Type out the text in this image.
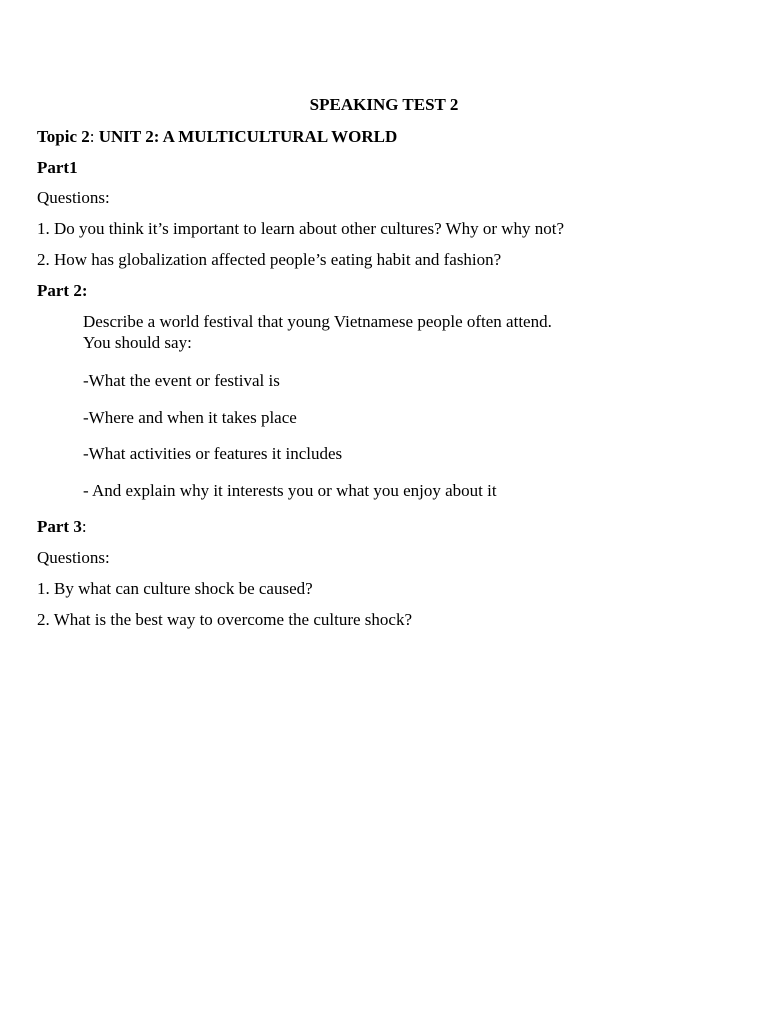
SPEAKING TEST 2
Topic 2: UNIT 2: A MULTICULTURAL WORLD
Part1
Questions:
1. Do you think it’s important to learn about other cultures? Why or why not?
2. How has globalization affected people’s eating habit and fashion?
Part 2:
Describe a world festival that young Vietnamese people often attend.
You should say:
-What the event or festival is
-Where and when it takes place
-What activities or features it includes
- And explain why it interests you or what you enjoy about it
Part 3:
Questions:
1. By what can culture shock be caused?
2. What is the best way to overcome the culture shock?
